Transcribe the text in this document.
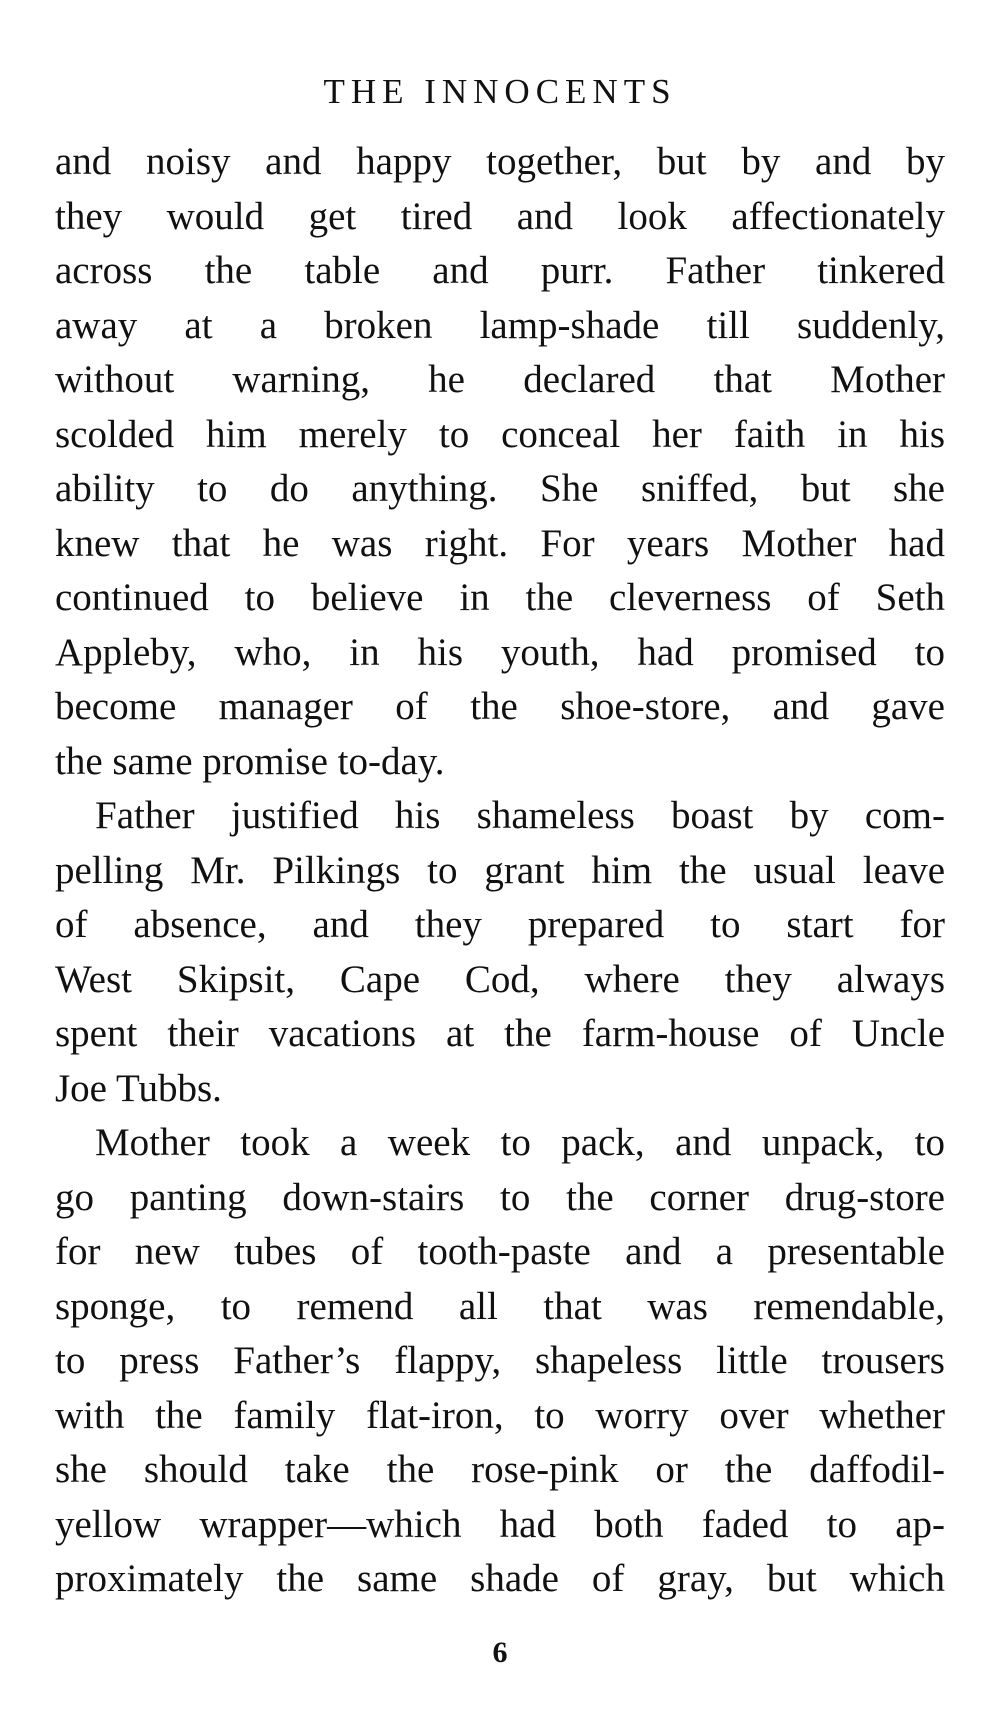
THE INNOCENTS
and noisy and happy together, but by and by
they would get tired and look affectionately
across the table and purr. Father tinkered
away at a broken lamp-shade till suddenly,
without warning, he declared that Mother
scolded him merely to conceal her faith in his
ability to do anything. She sniffed, but she
knew that he was right. For years Mother had
continued to believe in the cleverness of Seth
Appleby, who, in his youth, had promised to
become manager of the shoe-store, and gave
the same promise to-day.
Father justified his shameless boast by com-
pelling Mr. Pilkings to grant him the usual leave
of absence, and they prepared to start for
West Skipsit, Cape Cod, where they always
spent their vacations at the farm-house of Uncle
Joe Tubbs.
Mother took a week to pack, and unpack, to
go panting down-stairs to the corner drug-store
for new tubes of tooth-paste and a presentable
sponge, to remend all that was remendable,
to press Father’s flappy, shapeless little trousers
with the family flat-iron, to worry over whether
she should take the rose-pink or the daffodil-
yellow wrapper—which had both faded to ap-
proximately the same shade of gray, but which
6
